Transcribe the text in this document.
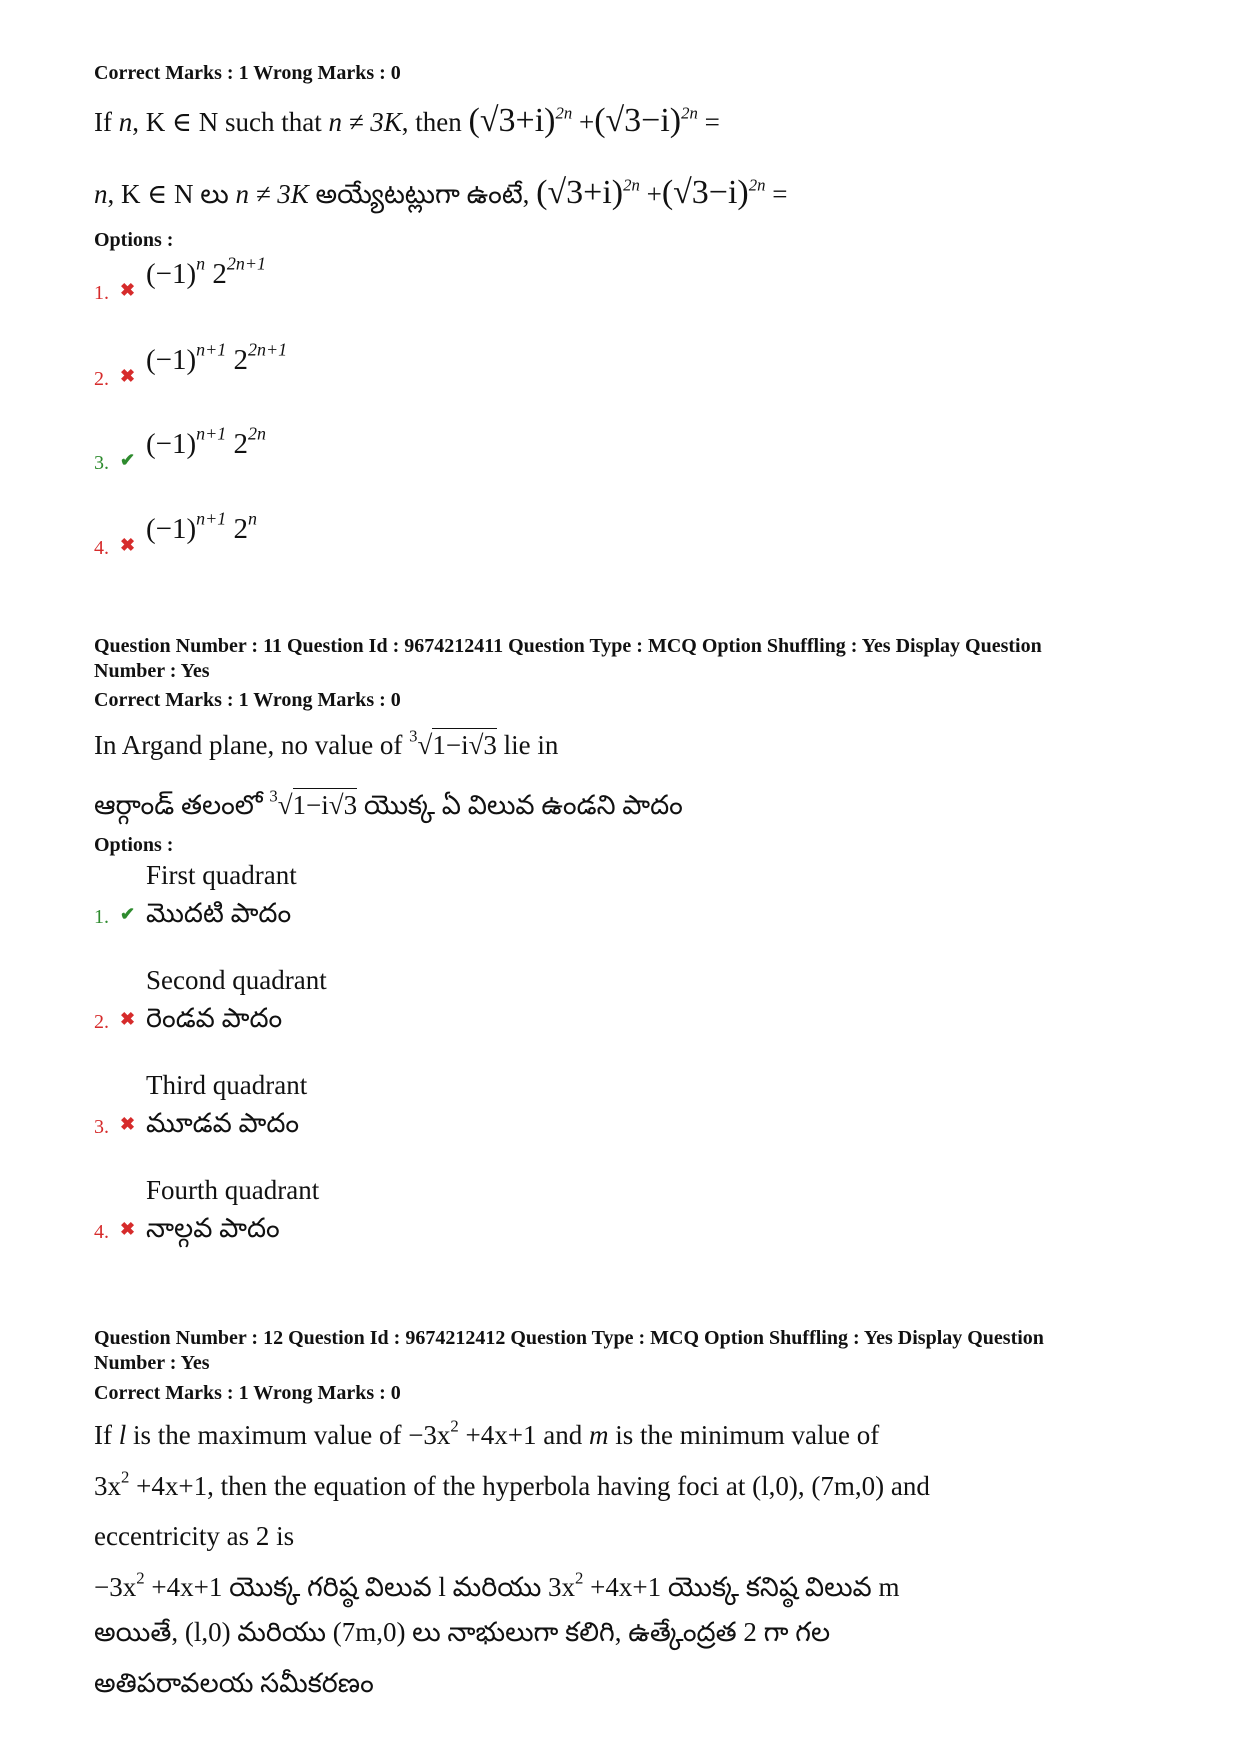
Correct Marks : 1 Wrong Marks : 0
If n, K ∈ N such that n ≠ 3K, then $(√3+i)^{2n} +(√3-i)^{2n}$ =
n, K ∈ N లు n ≠ 3K అయ్యేటట్లుగా ఉంటే, $(√3+i)^{2n} +(√3-i)^{2n}$ =
Options :
1. ✖ $(-1)^n$ $2^{2n+1}$
2. ✖ $(-1)^{n+1}$ $2^{2n+1}$
3. ✔ $(-1)^{n+1}$ $2^{2n}$
4. ✖ $(-1)^{n+1}$ 2$^n$
Question Number : 11 Question Id : 9674212411 Question Type : MCQ Option Shuffling : Yes Display Question
Number : Yes
Correct Marks : 1 Wrong Marks : 0
In Argand plane, no value of $^3$√1−i√3 lie in
ఆర్గాండ్ తలంలో $^3$√1−i√3 యొక్క ఏ విలువ ఉండని పాదం
Options :
First quadrant
1. ✔ మొదటి పాదం
Second quadrant
2. ✖ రెండవ పాదం
Third quadrant
3. ✖ మూడవ పాదం
Fourth quadrant
4. ✖ నాల్గవ పాదం
Question Number : 12 Question Id : 9674212412 Question Type : MCQ Option Shuffling : Yes Display Question
Number : Yes
Correct Marks : 1 Wrong Marks : 0
If l is the maximum value of $-3x^2 +4x+1$ and m is the minimum value of
$3x^2 +4x+1$, then the equation of the hyperbola having foci at (l,0), (7m,0) and
eccentricity as 2 is
$-3x^2 +4x+1$ యొక్క గరిష్ఠ విలువ l మరియు $3x^2 +4x+1$ యొక్క కనిష్ఠ విలువ m
అయితే, (l,0) మరియు (7m,0) లు నాభులుగా కలిగి, ఉత్కేంద్రత 2 గా గల
అతిపరావలయ సమీకరణం
